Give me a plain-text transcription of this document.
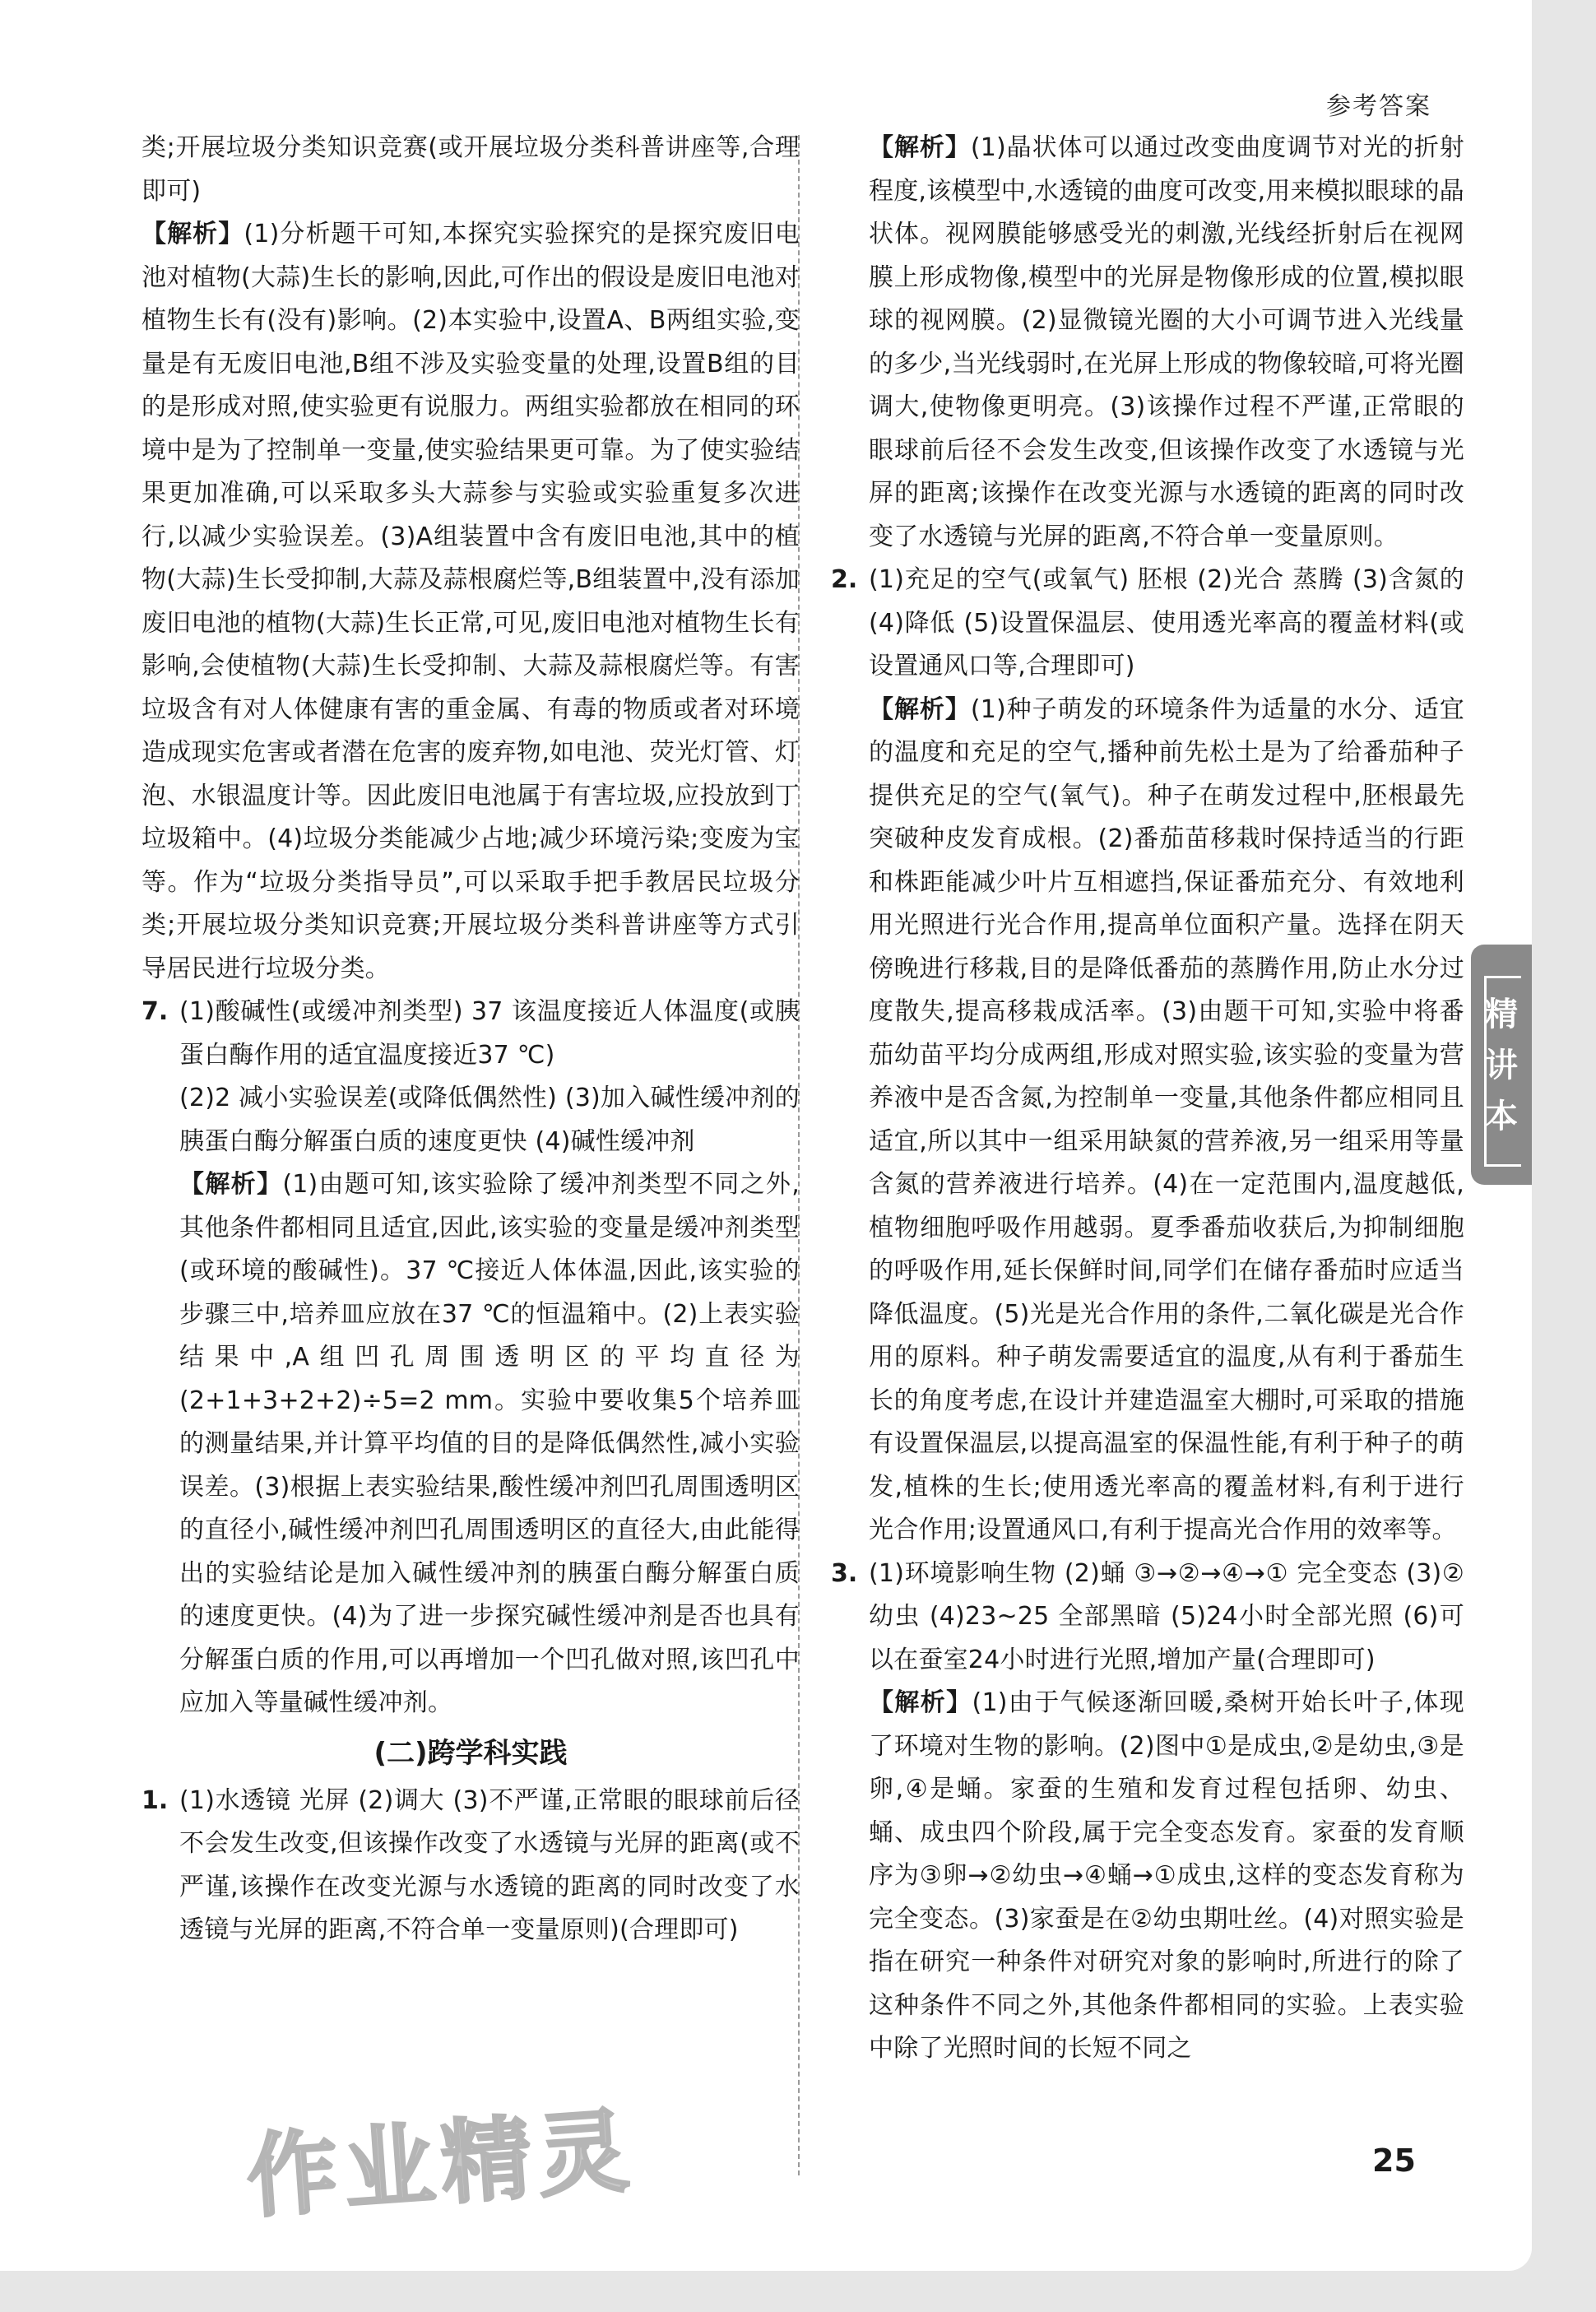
参考答案

类;开展垃圾分类知识竞赛(或开展垃圾分类科普讲座等,合理即可)

【解析】(1)分析题干可知,本探究实验探究的是探究废旧电池对植物(大蒜)生长的影响,因此,可作出的假设是废旧电池对植物生长有(没有)影响。(2)本实验中,设置A、B两组实验,变量是有无废旧电池,B组不涉及实验变量的处理,设置B组的目的是形成对照,使实验更有说服力。两组实验都放在相同的环境中是为了控制单一变量,使实验结果更可靠。为了使实验结果更加准确,可以采取多头大蒜参与实验或实验重复多次进行,以减少实验误差。(3)A组装置中含有废旧电池,其中的植物(大蒜)生长受抑制,大蒜及蒜根腐烂等,B组装置中,没有添加废旧电池的植物(大蒜)生长正常,可见,废旧电池对植物生长有影响,会使植物(大蒜)生长受抑制、大蒜及蒜根腐烂等。有害垃圾含有对人体健康有害的重金属、有毒的物质或者对环境造成现实危害或者潜在危害的废弃物,如电池、荧光灯管、灯泡、水银温度计等。因此废旧电池属于有害垃圾,应投放到丁垃圾箱中。(4)垃圾分类能减少占地;减少环境污染;变废为宝等。作为“垃圾分类指导员”,可以采取手把手教居民垃圾分类;开展垃圾分类知识竞赛;开展垃圾分类科普讲座等方式引导居民进行垃圾分类。

7. (1)酸碱性(或缓冲剂类型) 37 该温度接近人体温度(或胰蛋白酶作用的适宜温度接近37 ℃)

(2)2 减小实验误差(或降低偶然性) (3)加入碱性缓冲剂的胰蛋白酶分解蛋白质的速度更快 (4)碱性缓冲剂

【解析】(1)由题可知,该实验除了缓冲剂类型不同之外,其他条件都相同且适宜,因此,该实验的变量是缓冲剂类型(或环境的酸碱性)。37 ℃接近人体体温,因此,该实验的步骤三中,培养皿应放在37 ℃的恒温箱中。(2)上表实验结果中,A组凹孔周围透明区的平均直径为(2+1+3+2+2)÷5=2 mm。实验中要收集5个培养皿的测量结果,并计算平均值的目的是降低偶然性,减小实验误差。(3)根据上表实验结果,酸性缓冲剂凹孔周围透明区的直径小,碱性缓冲剂凹孔周围透明区的直径大,由此能得出的实验结论是加入碱性缓冲剂的胰蛋白酶分解蛋白质的速度更快。(4)为了进一步探究碱性缓冲剂是否也具有分解蛋白质的作用,可以再增加一个凹孔做对照,该凹孔中应加入等量碱性缓冲剂。

(二)跨学科实践
1. (1)水透镜 光屏 (2)调大 (3)不严谨,正常眼的眼球前后径不会发生改变,但该操作改变了水透镜与光屏的距离(或不严谨,该操作在改变光源与水透镜的距离的同时改变了水透镜与光屏的距离,不符合单一变量原则)(合理即可)

【解析】(1)晶状体可以通过改变曲度调节对光的折射程度,该模型中,水透镜的曲度可改变,用来模拟眼球的晶状体。视网膜能够感受光的刺激,光线经折射后在视网膜上形成物像,模型中的光屏是物像形成的位置,模拟眼球的视网膜。(2)显微镜光圈的大小可调节进入光线量的多少,当光线弱时,在光屏上形成的物像较暗,可将光圈调大,使物像更明亮。(3)该操作过程不严谨,正常眼的眼球前后径不会发生改变,但该操作改变了水透镜与光屏的距离;该操作在改变光源与水透镜的距离的同时改变了水透镜与光屏的距离,不符合单一变量原则。

2. (1)充足的空气(或氧气) 胚根 (2)光合 蒸腾 (3)含氮的 (4)降低 (5)设置保温层、使用透光率高的覆盖材料(或设置通风口等,合理即可)

【解析】(1)种子萌发的环境条件为适量的水分、适宜的温度和充足的空气,播种前先松土是为了给番茄种子提供充足的空气(氧气)。种子在萌发过程中,胚根最先突破种皮发育成根。(2)番茄苗移栽时保持适当的行距和株距能减少叶片互相遮挡,保证番茄充分、有效地利用光照进行光合作用,提高单位面积产量。选择在阴天傍晚进行移栽,目的是降低番茄的蒸腾作用,防止水分过度散失,提高移栽成活率。(3)由题干可知,实验中将番茄幼苗平均分成两组,形成对照实验,该实验的变量为营养液中是否含氮,为控制单一变量,其他条件都应相同且适宜,所以其中一组采用缺氮的营养液,另一组采用等量含氮的营养液进行培养。(4)在一定范围内,温度越低,植物细胞呼吸作用越弱。夏季番茄收获后,为抑制细胞的呼吸作用,延长保鲜时间,同学们在储存番茄时应适当降低温度。(5)光是光合作用的条件,二氧化碳是光合作用的原料。种子萌发需要适宜的温度,从有利于番茄生长的角度考虑,在设计并建造温室大棚时,可采取的措施有设置保温层,以提高温室的保温性能,有利于种子的萌发,植株的生长;使用透光率高的覆盖材料,有利于进行光合作用;设置通风口,有利于提高光合作用的效率等。

3. (1)环境影响生物 (2)蛹 ③→②→④→① 完全变态 (3)②幼虫 (4)23~25 全部黑暗 (5)24小时全部光照 (6)可以在蚕室24小时进行光照,增加产量(合理即可)

【解析】(1)由于气候逐渐回暖,桑树开始长叶子,体现了环境对生物的影响。(2)图中①是成虫,②是幼虫,③是卵,④是蛹。家蚕的生殖和发育过程包括卵、幼虫、蛹、成虫四个阶段,属于完全变态发育。家蚕的发育顺序为③卵→②幼虫→④蛹→①成虫,这样的变态发育称为完全变态。(3)家蚕是在②幼虫期吐丝。(4)对照实验是指在研究一种条件对研究对象的影响时,所进行的除了这种条件不同之外,其他条件都相同的实验。上表实验中除了光照时间的长短不同之

精
讲
本
25
作业精灵
